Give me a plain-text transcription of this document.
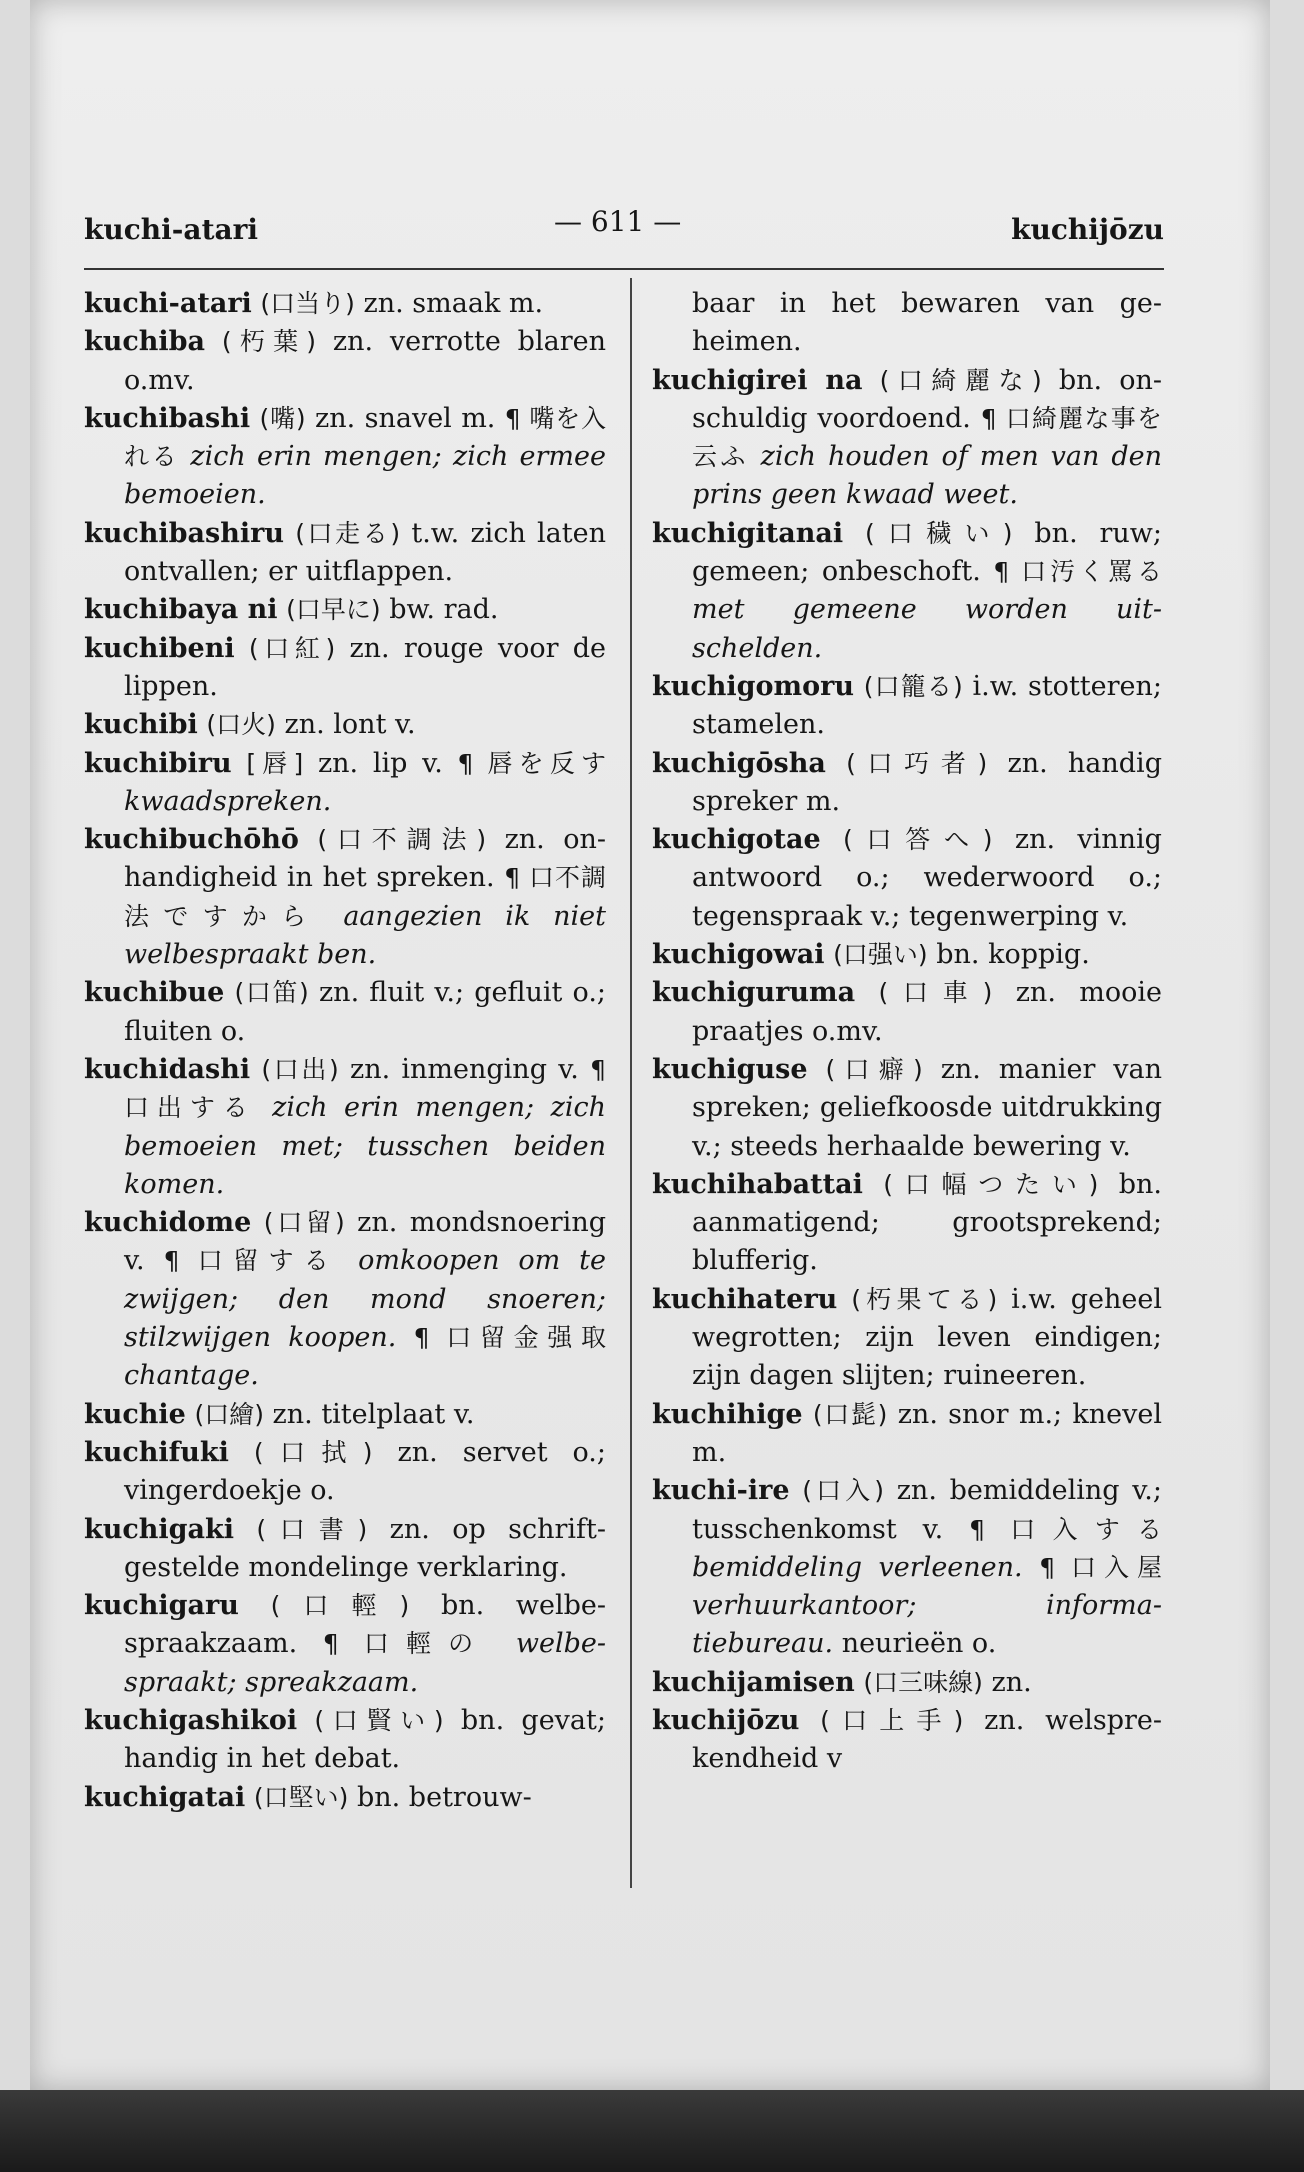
kuchi-atari	— 611 —	kuchijōzu

kuchi-atari (口当り) zn. smaak m.

kuchiba (朽葉) zn. verrotte blaren o.mv.

kuchibashi (嘴) zn. snavel m. ¶ 嘴を入れる zich erin mengen; zich ermee bemoeien.

kuchibashiru (口走る) t.w. zich laten ontvallen; er uitflappen.

kuchibaya ni (口早に) bw. rad.

kuchibeni (口紅) zn. rouge voor de lippen.

kuchibi (口火) zn. lont v.

kuchibiru [唇] zn. lip v. ¶ 唇を反す kwaadspreken.

kuchibuchōhō (口不調法) zn. onhandigheid in het spreken. ¶ 口不調法ですから aangezien ik niet welbespraakt ben.

kuchibue (口笛) zn. fluit v.; gefluit o.; fluiten o.

kuchidashi (口出) zn. inmenging v. ¶ 口出する zich erin mengen; zich bemoeien met; tusschen beiden komen.

kuchidome (口留) zn. mondsnoering v. ¶ 口留する omkoopen om te zwijgen; den mond snoeren; stilzwijgen koopen. ¶ 口留金强取 chantage.

kuchie (口繪) zn. titelplaat v.

kuchifuki (口拭) zn. servet o.; vingerdoekje o.

kuchigaki (口書) zn. op schriftgestelde mondelinge verklaring.

kuchigaru (口輕) bn. welbespraakzaam. ¶ 口輕の welbespraakt; spreakzaam.

kuchigashikoi (口賢い) bn. gevat; handig in het debat.

kuchigatai (口堅い) bn. betrouw-

baar in het bewaren van geheimen.

kuchigirei na (口綺麗な) bn. onschuldig voordoend. ¶ 口綺麗な事を云ふ zich houden of men van den prins geen kwaad weet.

kuchigitanai (口穢い) bn. ruw; gemeen; onbeschoft. ¶ 口汚く罵る met gemeene worden uitschelden.

kuchigomoru (口籠る) i.w. stotteren; stamelen.

kuchigōsha (口巧者) zn. handig spreker m.

kuchigotae (口答へ) zn. vinnig antwoord o.; wederwoord o.; tegenspraak v.; tegenwerping v.

kuchigowai (口强い) bn. koppig.

kuchiguruma (口車) zn. mooie praatjes o.mv.

kuchiguse (口癖) zn. manier van spreken; geliefkoosde uitdrukking v.; steeds herhaalde bewering v.

kuchihabattai (口幅つたい) bn. aanmatigend; grootsprekend; blufferig.

kuchihateru (朽果てる) i.w. geheel wegrotten; zijn leven eindigen; zijn dagen slijten; ruineeren.

kuchihige (口髭) zn. snor m.; knevel m.

kuchi-ire (口入) zn. bemiddeling v.; tusschenkomst v. ¶ 口入する bemiddeling verleenen. ¶ 口入屋 verhuurkantoor; informatiebureau. neurieën o.

kuchijamisen (口三味線) zn.

kuchijōzu (口上手) zn. welsprekendheid v
